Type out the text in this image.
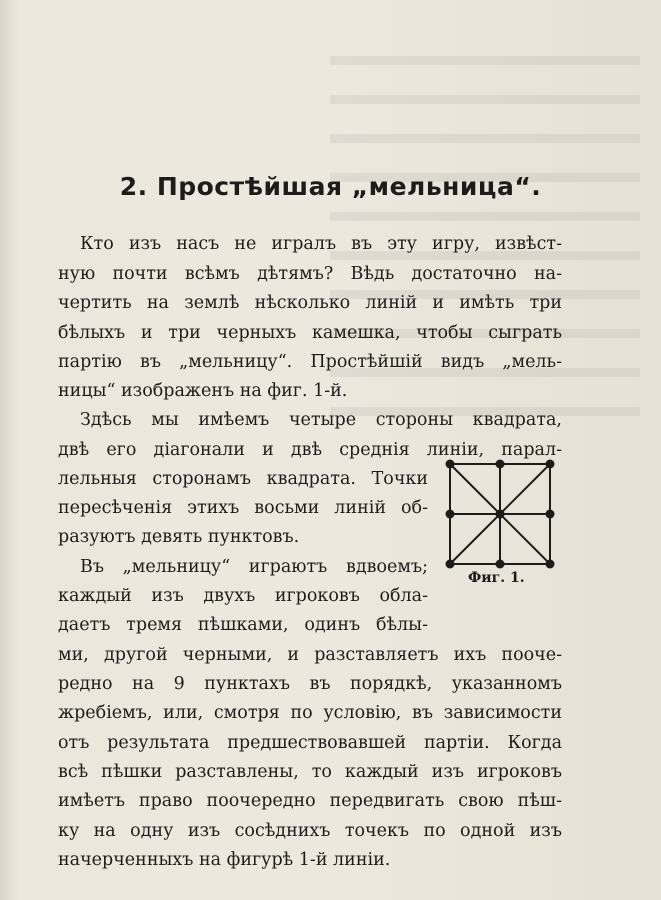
2. Простѣйшая „мельница“.
Кто изъ насъ не игралъ въ эту игру, извѣст-
ную почти всѣмъ дѣтямъ? Вѣдь достаточно на-
чертить на землѣ нѣсколько линій и имѣть три
бѣлыхъ и три черныхъ камешка, чтобы сыграть
партію въ „мельницу“. Простѣйшій видъ „мель-
ницы“ изображенъ на фиг. 1-й.
Здѣсь мы имѣемъ четыре стороны квадрата,
двѣ его діагонали и двѣ среднія линіи, парал-
лельныя сторонамъ квадрата. Точки
пересѣченія этихъ восьми линій об-
разуютъ девять пунктовъ.
Въ „мельницу“ играютъ вдвоемъ;
каждый изъ двухъ игроковъ обла-
даетъ тремя пѣшками, одинъ бѣлы-
ми, другой черными, и разставляетъ ихъ пооче-
редно на 9 пунктахъ въ порядкѣ, указанномъ
жребіемъ, или, смотря по условію, въ зависимости
отъ результата предшествовавшей партіи. Когда
всѣ пѣшки разставлены, то каждый изъ игроковъ
имѣетъ право поочередно передвигать свою пѣш-
ку на одну изъ сосѣднихъ точекъ по одной изъ
начерченныхъ на фигурѣ 1-й линіи.
Фиг. 1.
